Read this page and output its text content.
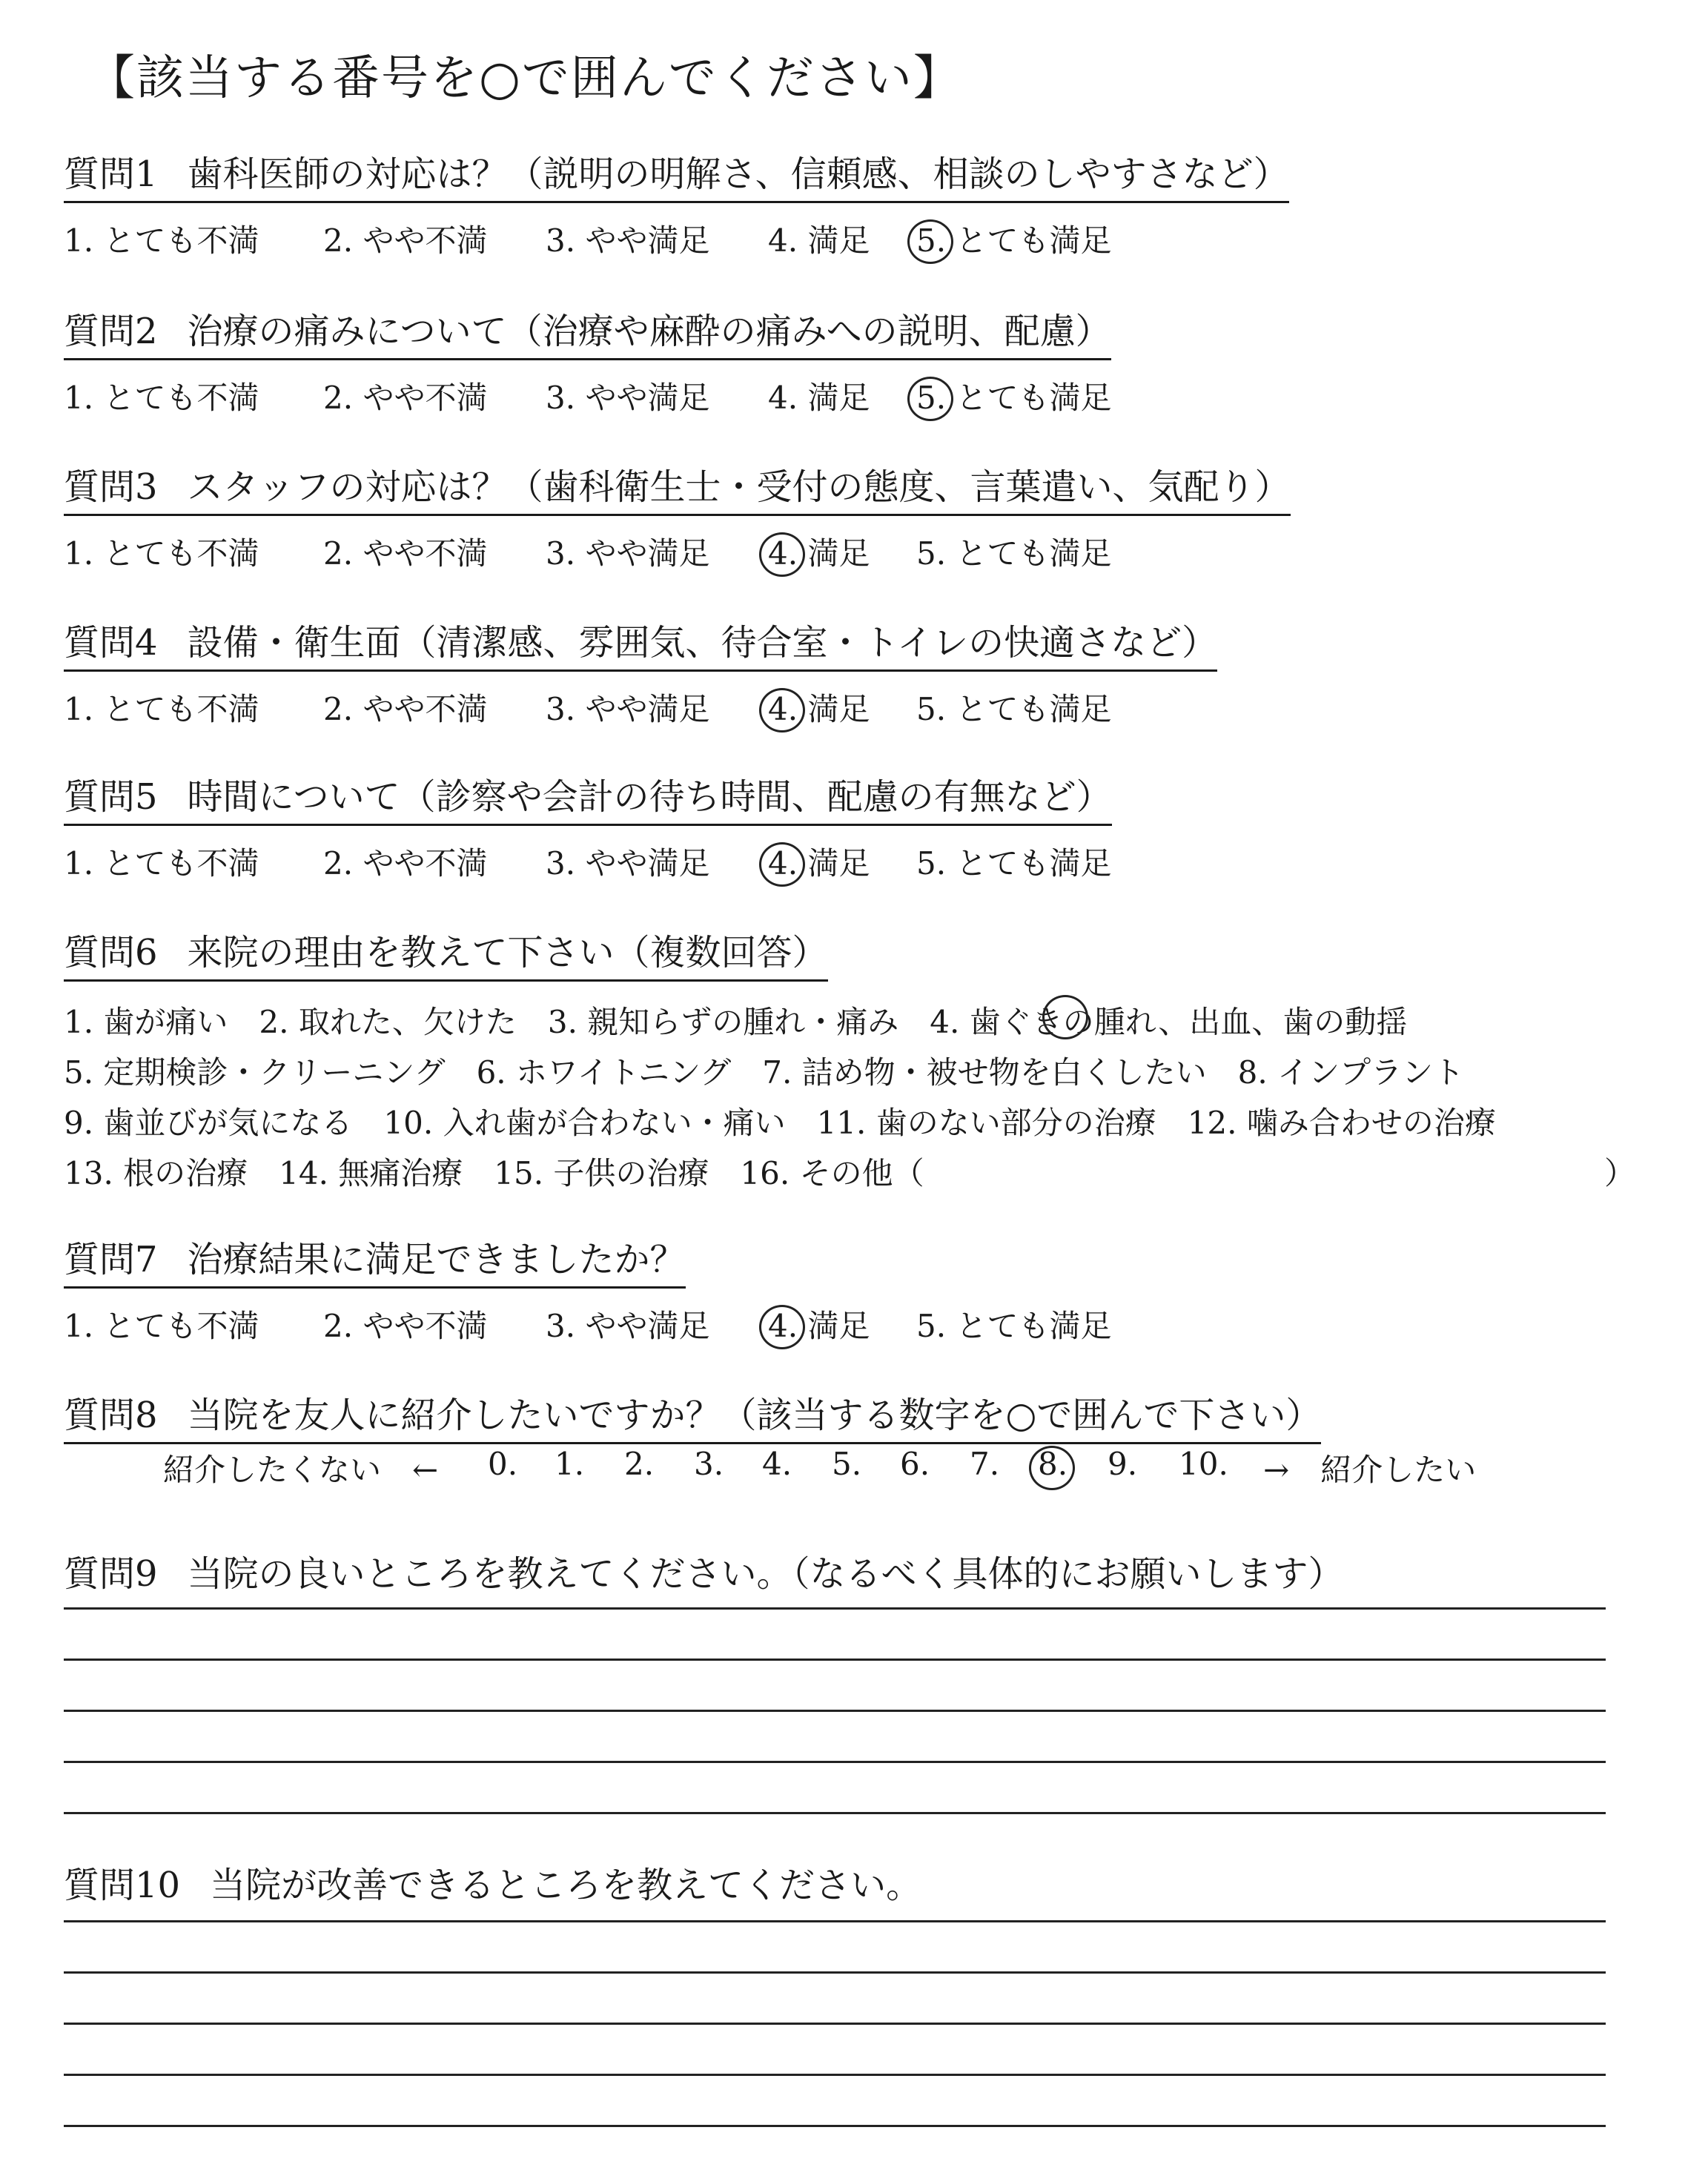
【該当する番号を○で囲んでください】
質問1 歯科医師の対応は？（説明の明解さ、信頼感、相談のしやすさなど）
1. とても不満 2. やや不満 3. やや満足 4. 満足 5. とても満足
質問2 治療の痛みについて（治療や麻酔の痛みへの説明、配慮）
1. とても不満 2. やや不満 3. やや満足 4. 満足 5. とても満足
質問3 スタッフの対応は？（歯科衛生士・受付の態度、言葉遣い、気配り）
1. とても不満 2. やや不満 3. やや満足 4. 満足 5. とても満足
質問4 設備・衛生面（清潔感、雰囲気、待合室・トイレの快適さなど）
1. とても不満 2. やや不満 3. やや満足 4. 満足 5. とても満足
質問5 時間について（診察や会計の待ち時間、配慮の有無など）
1. とても不満 2. やや不満 3. やや満足 4. 満足 5. とても満足
質問6 来院の理由を教えて下さい（複数回答）
1. 歯が痛い　2. 取れた、欠けた　3. 親知らずの腫れ・痛み　4. 歯ぐきの腫れ、出血、歯の動揺
5. 定期検診・クリーニング　6. ホワイトニング　7. 詰め物・被せ物を白くしたい　8. インプラント
9. 歯並びが気になる　10. 入れ歯が合わない・痛い　11. 歯のない部分の治療　12. 噛み合わせの治療
13. 根の治療　14. 無痛治療　15. 子供の治療　16. その他（	）
質問7 治療結果に満足できましたか？
1. とても不満 2. やや不満 3. やや満足 4. 満足 5. とても満足
質問8 当院を友人に紹介したいですか？（該当する数字を○で囲んで下さい）
紹介したくない　← 0. 1. 2. 3. 4. 5. 6. 7. 8. 9. 10. →　紹介したい
質問9 当院の良いところを教えてください。（なるべく具体的にお願いします）
質問10 当院が改善できるところを教えてください。
